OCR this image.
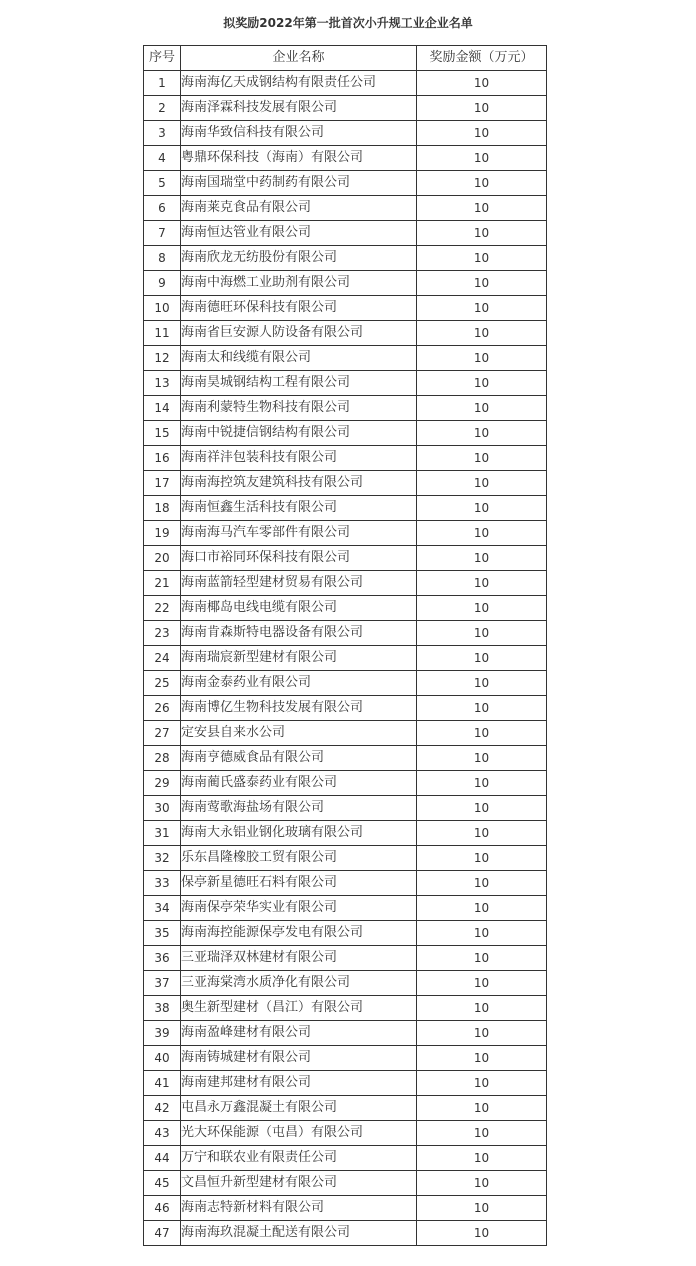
拟奖励2022年第一批首次小升规工业企业名单
序号	企业名称	奖励金额（万元）
1	海南海亿天成钢结构有限责任公司	10
2	海南泽霖科技发展有限公司	10
3	海南华致信科技有限公司	10
4	粤鼎环保科技（海南）有限公司	10
5	海南国瑞堂中药制药有限公司	10
6	海南莱克食品有限公司	10
7	海南恒达管业有限公司	10
8	海南欣龙无纺股份有限公司	10
9	海南中海燃工业助剂有限公司	10
10	海南德旺环保科技有限公司	10
11	海南省巨安源人防设备有限公司	10
12	海南太和线缆有限公司	10
13	海南昊城钢结构工程有限公司	10
14	海南利蒙特生物科技有限公司	10
15	海南中锐捷信钢结构有限公司	10
16	海南祥沣包装科技有限公司	10
17	海南海控筑友建筑科技有限公司	10
18	海南恒鑫生活科技有限公司	10
19	海南海马汽车零部件有限公司	10
20	海口市裕同环保科技有限公司	10
21	海南蓝箭轻型建材贸易有限公司	10
22	海南椰岛电线电缆有限公司	10
23	海南肯森斯特电器设备有限公司	10
24	海南瑞宸新型建材有限公司	10
25	海南金泰药业有限公司	10
26	海南博亿生物科技发展有限公司	10
27	定安县自来水公司	10
28	海南亨德威食品有限公司	10
29	海南蔺氏盛泰药业有限公司	10
30	海南莺歌海盐场有限公司	10
31	海南大永铝业钢化玻璃有限公司	10
32	乐东昌隆橡胶工贸有限公司	10
33	保亭新星德旺石料有限公司	10
34	海南保亭荣华实业有限公司	10
35	海南海控能源保亭发电有限公司	10
36	三亚瑞泽双林建材有限公司	10
37	三亚海棠湾水质净化有限公司	10
38	奥生新型建材（昌江）有限公司	10
39	海南盈峰建材有限公司	10
40	海南铸城建材有限公司	10
41	海南建邦建材有限公司	10
42	屯昌永万鑫混凝土有限公司	10
43	光大环保能源（屯昌）有限公司	10
44	万宁和联农业有限责任公司	10
45	文昌恒升新型建材有限公司	10
46	海南志特新材料有限公司	10
47	海南海玖混凝土配送有限公司	10
